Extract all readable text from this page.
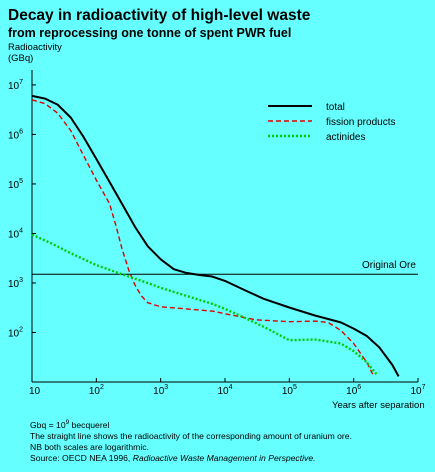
Decay in radioactivity of high-level waste
from reprocessing one tonne of spent PWR fuel
Radioactivity
(GBq)
$10^2$
$10^3$
$10^4$
$10^5$
$10^6$
$10^7$
10	$10^2$	$10^3$	$10^4$	$10^5$	$10^6$	$10^7$
Original Ore
Years after separation
total
fission products
actinides
Gbq = $10^9$ becquerel
The straight line shows the radioactivity of the corresponding amount of uranium ore.
NB both scales are logarithmic.
Source: OECD NEA 1996, Radioactive Waste Management in Perspective.
